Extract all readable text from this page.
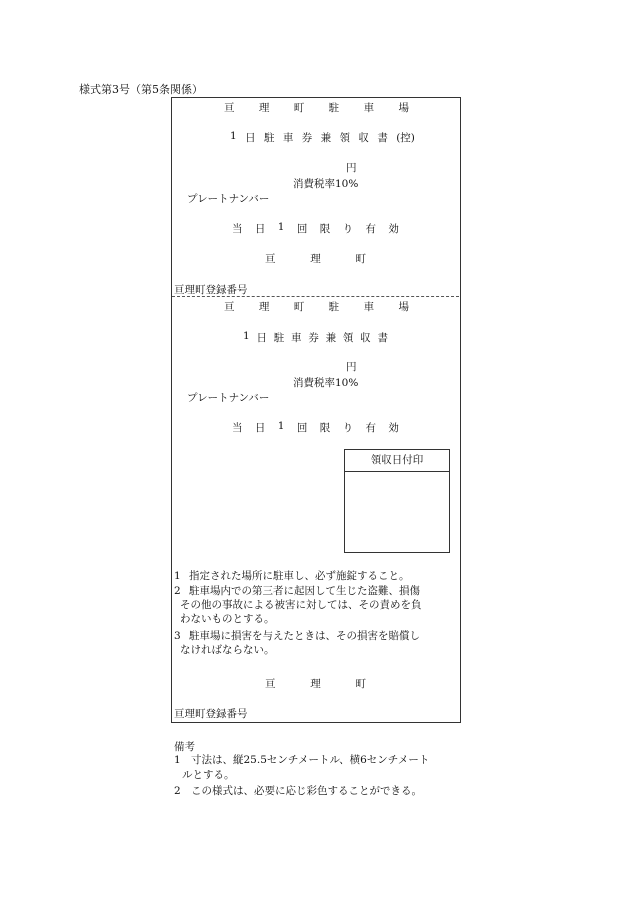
様式第3号（第5条関係）
亘 理 町 駐 車 場
1 日 駐 車 券 兼 領 収 書 (控)
円
消費税率10%
プレートナンバー
当 日 1 回 限 り 有 効
亘	理	町
亘理町登録番号
亘 理 町 駐 車 場
1 日 駐 車 券 兼 領 収 書
円
消費税率10%
プレートナンバー
当 日 1 回 限 り 有 効
領収日付印
1 指定された場所に駐車し、必ず施錠すること。
2 駐車場内での第三者に起因して生じた盗難、損傷
その他の事故による被害に対しては、その責めを負
わないものとする。
3 駐車場に損害を与えたときは、その損害を賠償し
なければならない。
亘	理	町
亘理町登録番号
備考
1 寸法は、縦25.5センチメートル、横6センチメート
ルとする。
2 この様式は、必要に応じ彩色することができる。
